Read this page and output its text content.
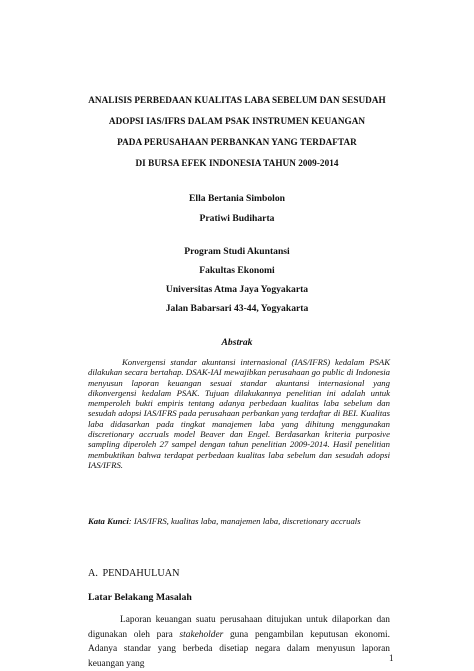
ANALISIS PERBEDAAN KUALITAS LABA SEBELUM DAN SESUDAH
ADOPSI IAS/IFRS DALAM PSAK INSTRUMEN KEUANGAN
PADA PERUSAHAAN PERBANKAN YANG TERDAFTAR
DI BURSA EFEK INDONESIA TAHUN 2009-2014
Ella Bertania Simbolon
Pratiwi Budiharta
Program Studi Akuntansi
Fakultas Ekonomi
Universitas Atma Jaya Yogyakarta
Jalan Babarsari 43-44, Yogyakarta
Abstrak

Konvergensi standar akuntansi internasional (IAS/IFRS) kedalam PSAK dilakukan secara bertahap. DSAK-IAI mewajibkan perusahaan go public di Indonesia menyusun laporan keuangan sesuai standar akuntansi internasional yang dikonvergensi kedalam PSAK. Tujuan dilakukannya penelitian ini adalah untuk memperoleh bukti empiris tentang adanya perbedaan kualitas laba sebelum dan sesudah adopsi IAS/IFRS pada perusahaan perbankan yang terdaftar di BEI. Kualitas laba didasarkan pada tingkat manajemen laba yang dihitung menggunakan discretionary accruals model Beaver dan Engel. Berdasarkan kriteria purposive sampling diperoleh 27 sampel dengan tahun penelitian 2009-2014. Hasil penelitian membuktikan bahwa terdapat perbedaan kualitas laba sebelum dan sesudah adopsi IAS/IFRS.

Kata Kunci: IAS/IFRS, kualitas laba, manajemen laba, discretionary accruals
A. PENDAHULUAN
Latar Belakang Masalah

Laporan keuangan suatu perusahaan ditujukan untuk dilaporkan dan digunakan oleh para stakeholder guna pengambilan keputusan ekonomi. Adanya standar yang berbeda disetiap negara dalam menyusun laporan keuangan yang

1
